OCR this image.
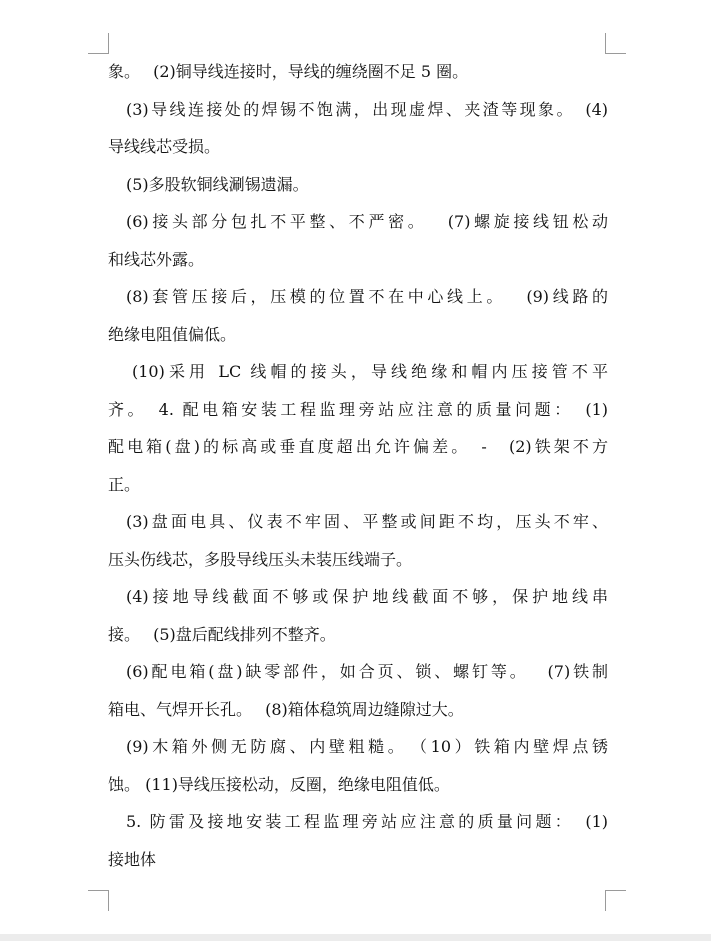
象。　 (2)铜导线连接时，导线的缠绕圈不足 5 圈。
(3)导线连接处的焊锡不饱满，出现虚焊、夹渣等现象。　(4)
导线线芯受损。
(5)多股软铜线涮锡遗漏。
(6)接头部分包扎不平整、不严密。　 (7)螺旋接线钮松动
和线芯外露。
(8)套管压接后，压模的位置不在中心线上。　 (9)线路的
绝缘电阻值偏低。
(10)采用 LC 线帽的接头，导线绝缘和帽内压接管不平
齐。　4. 配电箱安装工程监理旁站应注意的质量问题：　(1)
配电箱(盘)的标高或垂直度超出允许偏差。　-　(2)铁架不方
正。
(3)盘面电具、仪表不牢固、平整或间距不均，压头不牢、
压头伤线芯，多股导线压头未装压线端子。
(4)接地导线截面不够或保护地线截面不够，保护地线串
接。　 (5)盘后配线排列不整齐。
(6)配电箱(盘)缺零部件，如合页、锁、螺钉等。　 (7)铁制
箱电、气焊开长孔。　 (8)箱体稳筑周边缝隙过大。
(9)木箱外侧无防腐、内壁粗糙。　（10）铁箱内壁焊点锈
蚀。 (11)导线压接松动，反圈，绝缘电阻值低。
5. 防雷及接地安装工程监理旁站应注意的质量问题：　(1)
接地体
